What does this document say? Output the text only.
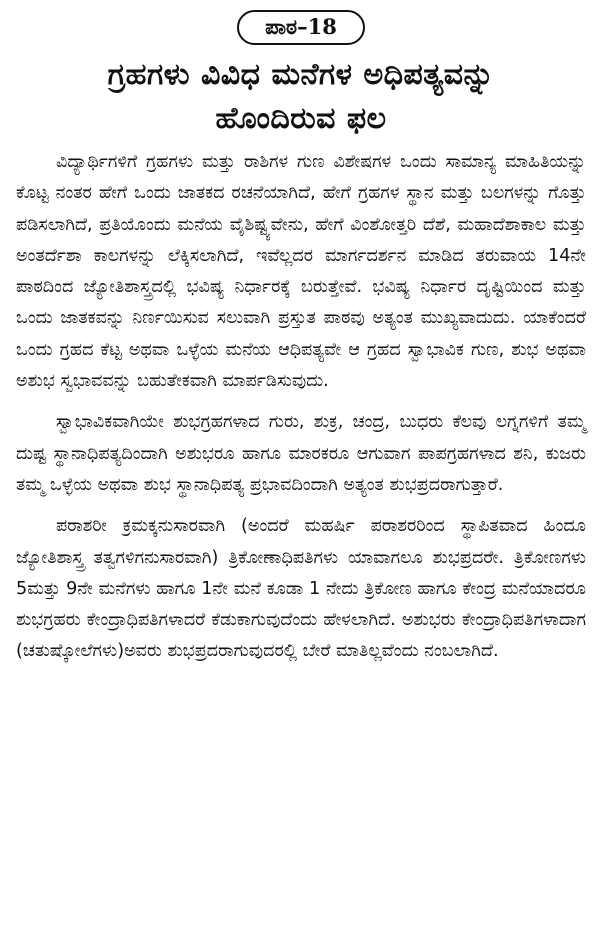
ಪಾಠ–18
ಗ್ರಹಗಳು ವಿವಿಧ ಮನೆಗಳ ಅಧಿಪತ್ಯವನ್ನು
ಹೊಂದಿರುವ ಫಲ

ವಿದ್ಯಾರ್ಥಿಗಳಿಗೆ ಗ್ರಹಗಳು ಮತ್ತು ರಾಶಿಗಳ ಗುಣ ವಿಶೇಷಗಳ ಒಂದು ಸಾಮಾನ್ಯ ಮಾಹಿತಿಯನ್ನು ಕೊಟ್ಟ ನಂತರ ಹೇಗೆ ಒಂದು ಜಾತಕದ ರಚನೆಯಾಗಿದೆ, ಹೇಗೆ ಗ್ರಹಗಳ ಸ್ಥಾನ ಮತ್ತು ಬಲಗಳನ್ನು ಗೊತ್ತು ಪಡಿಸಲಾಗಿದೆ, ಪ್ರತಿಯೊಂದು ಮನೆಯ ವೈಶಿಷ್ಟ್ಯವೇನು, ಹೇಗೆ ವಿಂಶೋತ್ತರಿ ದೆಶೆ, ಮಹಾದೆಶಾಕಾಲ ಮತ್ತು ಅಂತರ್ದೆಶಾ ಕಾಲಗಳನ್ನು ಲೆಕ್ಕಿಸಲಾಗಿದೆ, ಇವೆಲ್ಲದರ ಮಾರ್ಗದರ್ಶನ ಮಾಡಿದ ತರುವಾಯ 14ನೇ ಪಾಠದಿಂದ ಜ್ಯೋತಿಶಾಸ್ತ್ರದಲ್ಲಿ ಭವಿಷ್ಯ ನಿರ್ಧಾರಕ್ಕೆ ಬರುತ್ತೇವೆ. ಭವಿಷ್ಯ ನಿರ್ಧಾರ ದೃಷ್ಟಿಯಿಂದ ಮತ್ತು ಒಂದು ಜಾತಕವನ್ನು ನಿರ್ಣಯಿಸುವ ಸಲುವಾಗಿ ಪ್ರಸ್ತುತ ಪಾಠವು ಅತ್ಯಂತ ಮುಖ್ಯವಾದುದು. ಯಾಕೆಂದರೆ ಒಂದು ಗ್ರಹದ ಕೆಟ್ಟ ಅಥವಾ ಒಳ್ಳೆಯ ಮನೆಯ ಆಧಿಪತ್ಯವೇ ಆ ಗ್ರಹದ ಸ್ವಾಭಾವಿಕ ಗುಣ, ಶುಭ ಅಥವಾ ಅಶುಭ ಸ್ವಭಾವವನ್ನು ಬಹುತೇಕವಾಗಿ ಮಾರ್ಪಡಿಸುವುದು.

ಸ್ವಾಭಾವಿಕವಾಗಿಯೇ ಶುಭಗ್ರಹಗಳಾದ ಗುರು, ಶುಕ್ರ, ಚಂದ್ರ, ಬುಧರು ಕೆಲವು ಲಗ್ನಗಳಿಗೆ ತಮ್ಮ ದುಷ್ಟ ಸ್ಥಾನಾಧಿಪತ್ಯದಿಂದಾಗಿ ಅಶುಭರೂ ಹಾಗೂ ಮಾರಕರೂ ಆಗುವಾಗ ಪಾಪಗ್ರಹಗಳಾದ ಶನಿ, ಕುಜರು ತಮ್ಮ ಒಳ್ಳೆಯ ಅಥವಾ ಶುಭ ಸ್ಥಾನಾಧಿಪತ್ಯ ಪ್ರಭಾವದಿಂದಾಗಿ ಅತ್ಯಂತ ಶುಭಪ್ರದರಾಗುತ್ತಾರೆ.

ಪರಾಶರೀ ಕ್ರಮಕ್ಕನುಸಾರವಾಗಿ (ಅಂದರೆ ಮಹರ್ಷಿ ಪರಾಶರರಿಂದ ಸ್ಥಾಪಿತವಾದ ಹಿಂದೂ ಜ್ಯೋತಿಶಾಸ್ತ್ರ ತತ್ವಗಳಿಗನುಸಾರವಾಗಿ) ತ್ರಿಕೋಣಾಧಿಪತಿಗಳು ಯಾವಾಗಲೂ ಶುಭಪ್ರದರೇ. ತ್ರಿಕೋಣಗಳು 5ಮತ್ತು 9ನೇ ಮನೆಗಳು ಹಾಗೂ 1ನೇ ಮನೆ ಕೂಡಾ 1 ನೇದು ತ್ರಿಕೋಣ ಹಾಗೂ ಕೇಂದ್ರ ಮನೆಯಾದರೂ ಶುಭಗ್ರಹರು ಕೇಂದ್ರಾಧಿಪತಿಗಳಾದರೆ ಕೆಡುಕಾಗುವುದೆಂದು ಹೇಳಲಾಗಿದೆ. ಅಶುಭರು ಕೇಂದ್ರಾಧಿಪತಿಗಳಾದಾಗ (ಚತುಷ್ಕೋಲೆಗಳು)ಅವರು ಶುಭಪ್ರದರಾಗುವುದರಲ್ಲಿ ಬೇರೆ ಮಾತಿಲ್ಲವೆಂದು ನಂಬಲಾಗಿದೆ.
